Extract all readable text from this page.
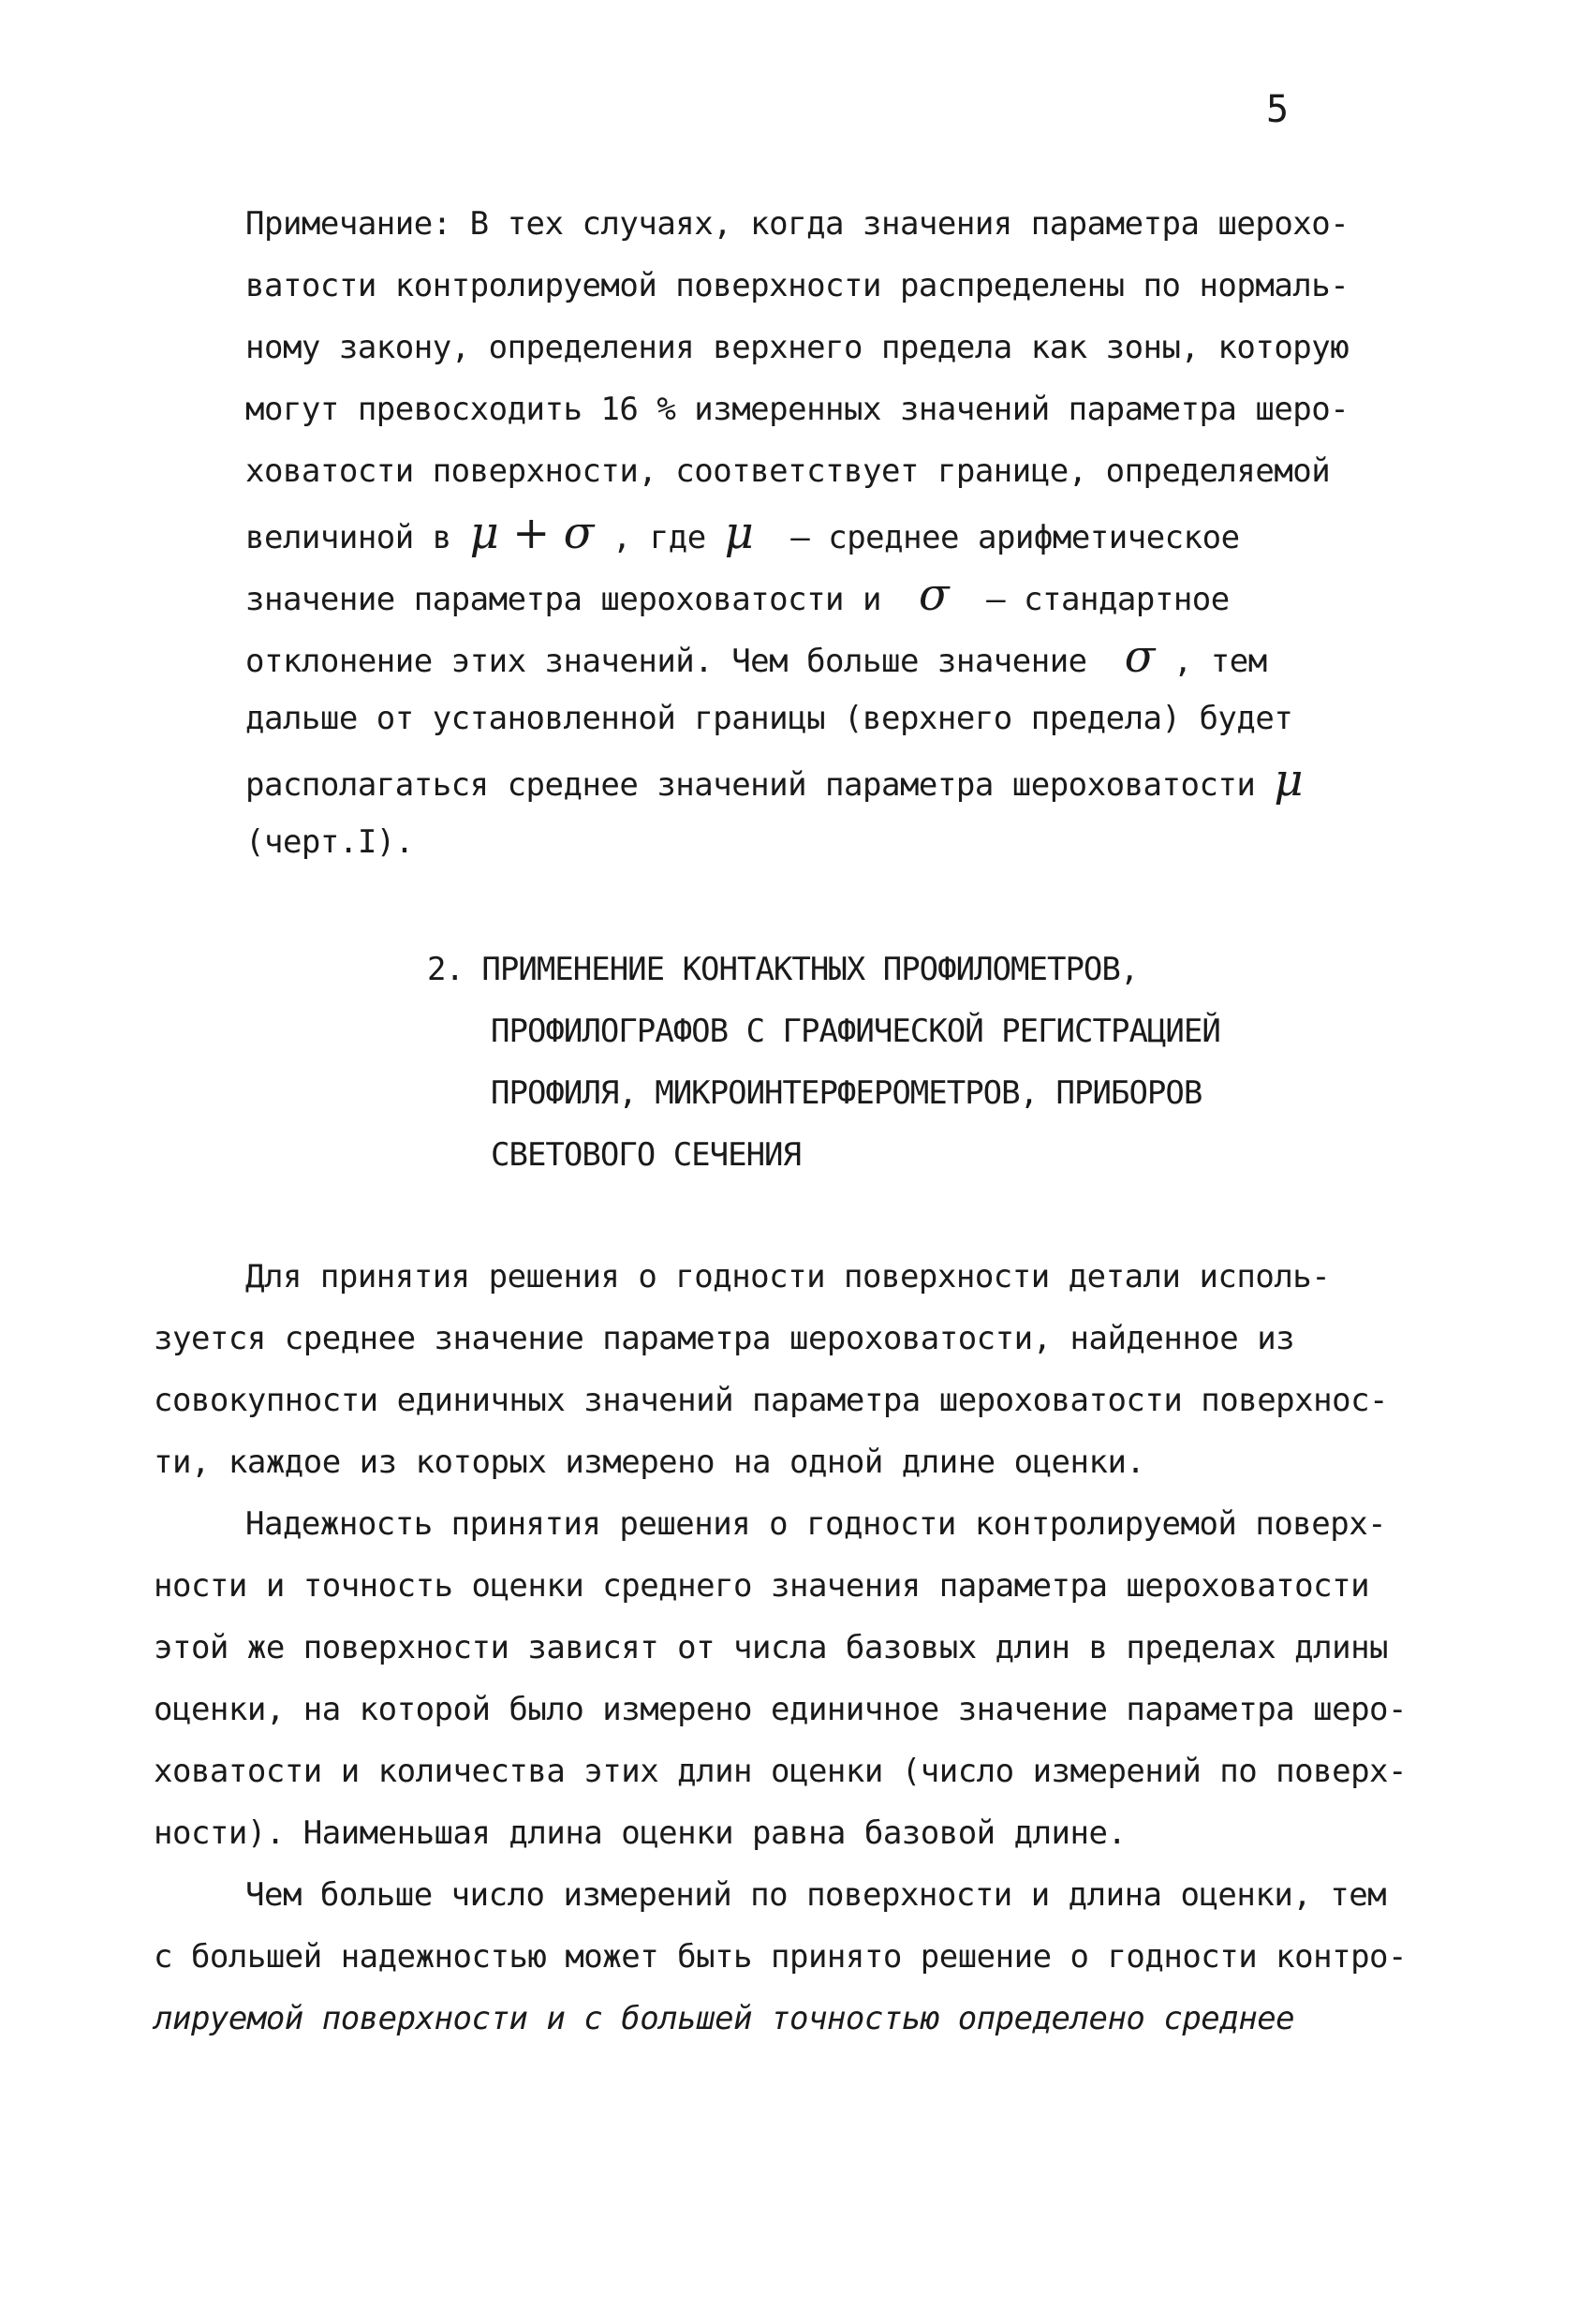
5
Примечание: В тех случаях, когда значения параметра шерохо-
ватости контролируемой поверхности распределены по нормаль-
ному закону, определения верхнего предела как зоны, которую
могут превосходить 16 % измеренных значений параметра шеро-
ховатости поверхности, соответствует границе, определяемой
величиной в μ + σ , где μ  – среднее арифметическое
значение параметра шероховатости и  σ  – стандартное
отклонение этих значений. Чем больше значение  σ , тем
дальше от установленной границы (верхнего предела) будет
располагаться среднее значений параметра шероховатости μ
(черт.I).
2. ПРИМЕНЕНИЕ КОНТАКТНЫХ ПРОФИЛОМЕТРОВ,
ПРОФИЛОГРАФОВ С ГРАФИЧЕСКОЙ РЕГИСТРАЦИЕЙ
ПРОФИЛЯ, МИКРОИНТЕРФЕРОМЕТРОВ, ПРИБОРОВ
СВЕТОВОГО СЕЧЕНИЯ
Для принятия решения о годности поверхности детали исполь-
зуется среднее значение параметра шероховатости, найденное из
совокупности единичных значений параметра шероховатости поверхнос-
ти, каждое из которых измерено на одной длине оценки.
Надежность принятия решения о годности контролируемой поверх-
ности и точность оценки среднего значения параметра шероховатости
этой же поверхности зависят от числа базовых длин в пределах длины
оценки, на которой было измерено единичное значение параметра шеро-
ховатости и количества этих длин оценки (число измерений по поверх-
ности). Наименьшая длина оценки равна базовой длине.
Чем больше число измерений по поверхности и длина оценки, тем
с большей надежностью может быть принято решение о годности контро-
лируемой поверхности и с большей точностью определено среднее
